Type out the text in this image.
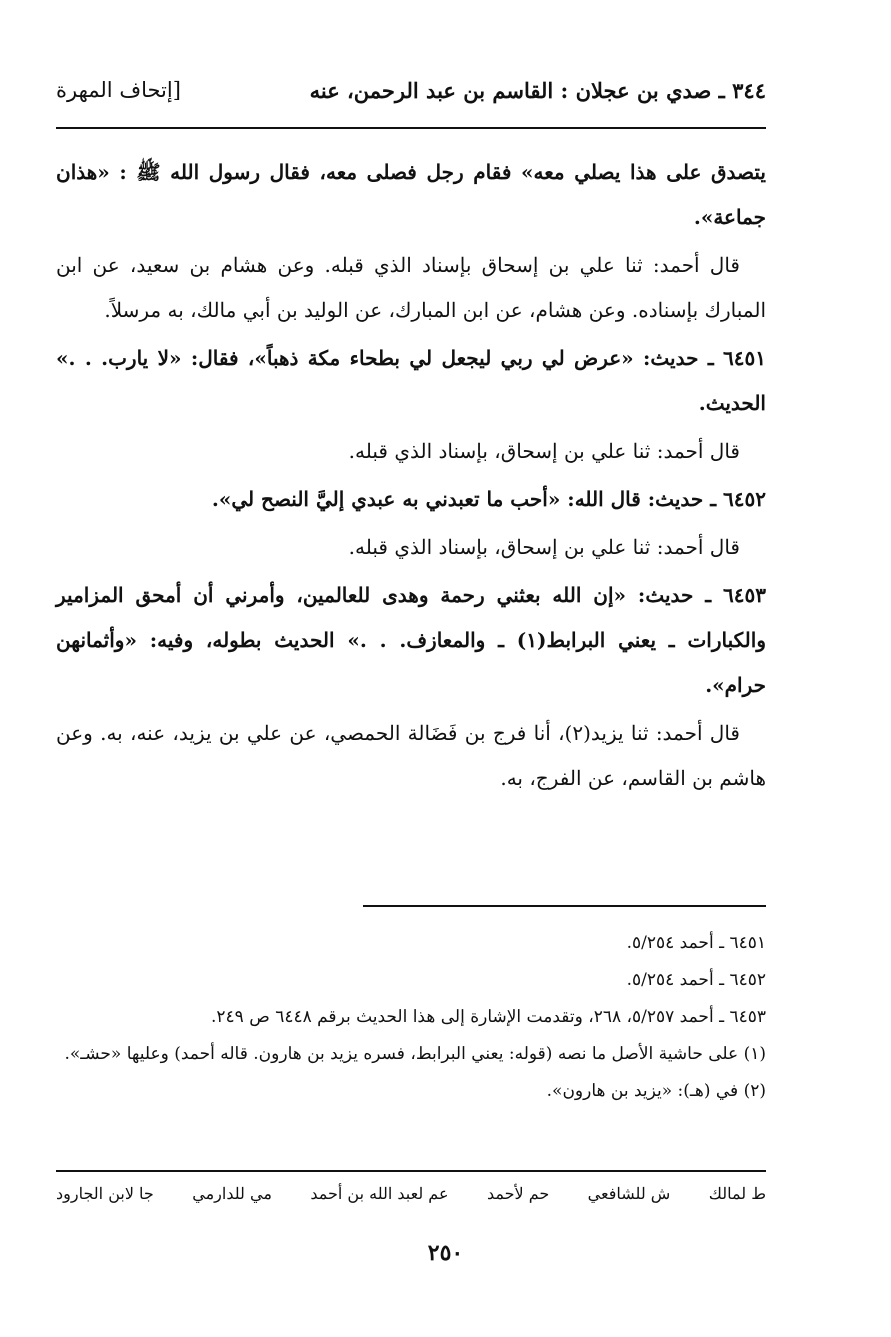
٣٤٤ ـ صدي بن عجلان : القاسم بن عبد الرحمن، عنه
[إتحاف المهرة

يتصدق على هذا يصلي معه» فقام رجل فصلى معه، فقال رسول الله ﷺ : «هذان جماعة».

قال أحمد: ثنا علي بن إسحاق بإسناد الذي قبله. وعن هشام بن سعيد، عن ابن المبارك بإسناده. وعن هشام، عن ابن المبارك، عن الوليد بن أبي مالك، به مرسلاً.

٦٤٥١ ـ حديث: «عرض لي ربي ليجعل لي بطحاء مكة ذهباً»، فقال: «لا يارب. . .» الحديث.

قال أحمد: ثنا علي بن إسحاق، بإسناد الذي قبله.

٦٤٥٢ ـ حديث: قال الله: «أحب ما تعبدني به عبدي إليَّ النصح لي».

قال أحمد: ثنا علي بن إسحاق، بإسناد الذي قبله.

٦٤٥٣ ـ حديث: «إن الله بعثني رحمة وهدى للعالمين، وأمرني أن أمحق المزامير والكبارات ـ يعني البرابط(١) ـ والمعازف. . .» الحديث بطوله، وفيه: «وأثمانهن حرام».

قال أحمد: ثنا يزيد(٢)، أنا فرج بن فَضَالة الحمصي، عن علي بن يزيد، عنه، به. وعن هاشم بن القاسم، عن الفرج، به.

٦٤٥١ ـ أحمد ٥/٢٥٤.

٦٤٥٢ ـ أحمد ٥/٢٥٤.

٦٤٥٣ ـ أحمد ٥/٢٥٧، ٢٦٨، وتقدمت الإشارة إلى هذا الحديث برقم ٦٤٤٨ ص ٢٤٩.

(١) على حاشية الأصل ما نصه (قوله: يعني البرابط، فسره يزيد بن هارون. قاله أحمد) وعليها «حشـ».

(٢) في (هـ): «يزيد بن هارون».

ط لمالك
ش للشافعي
حم لأحمد
عم لعبد الله بن أحمد
مي للدارمي
جا لابن الجارود
٢٥٠
